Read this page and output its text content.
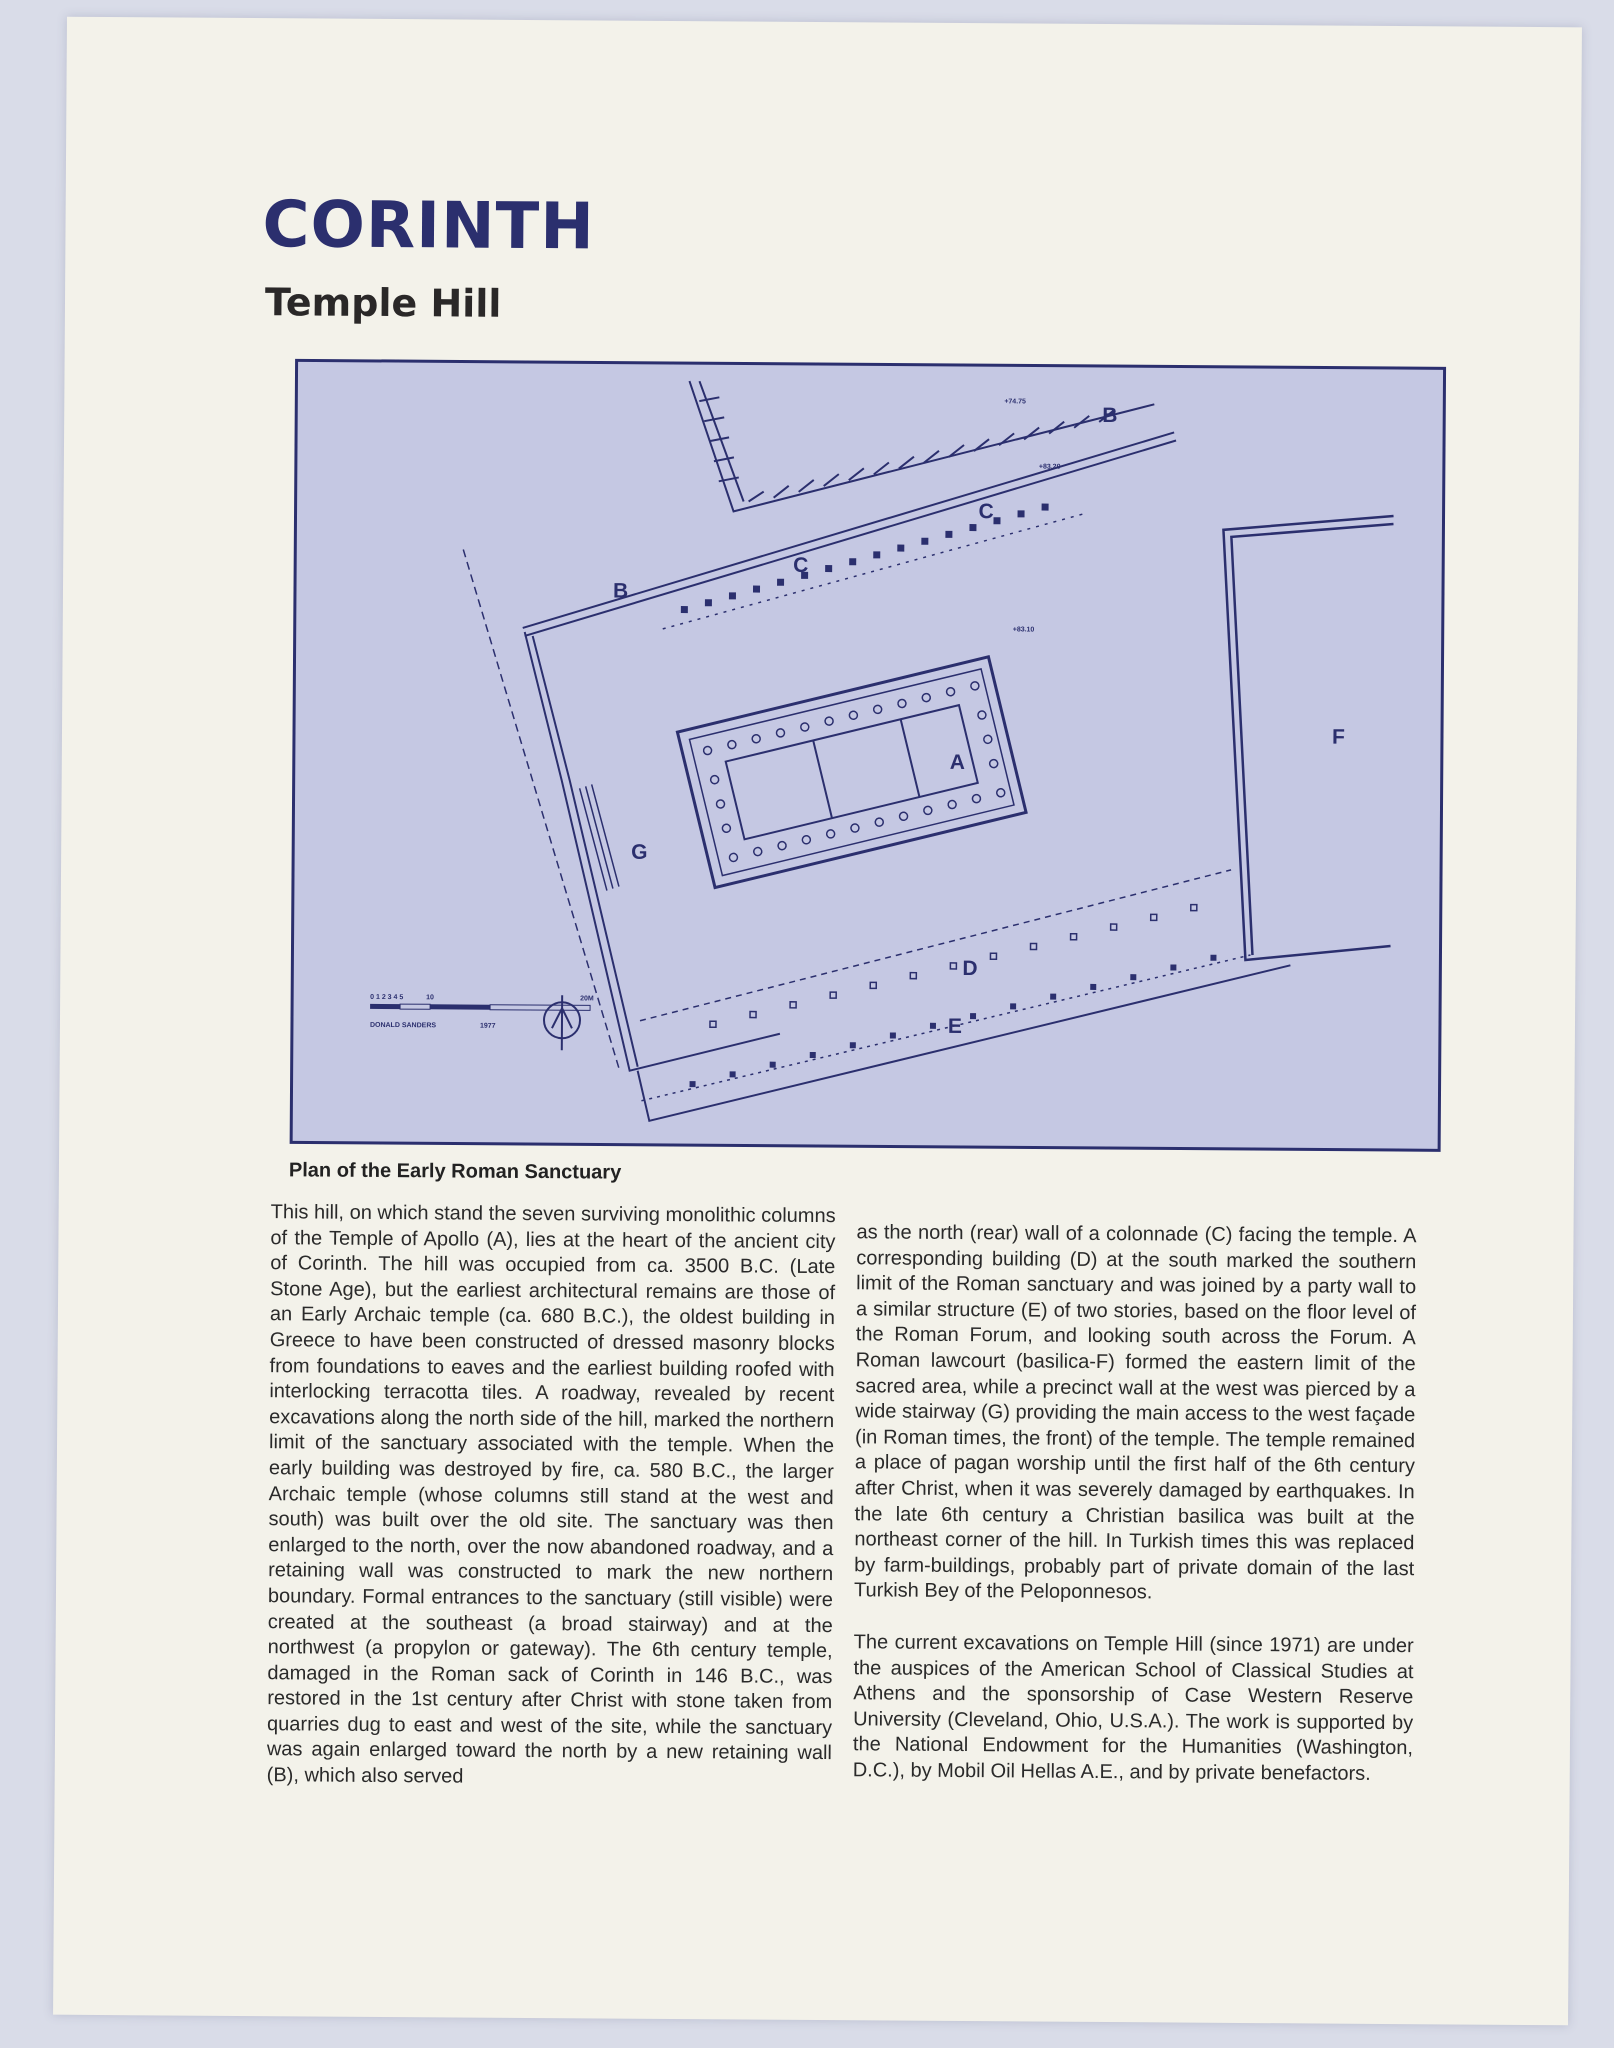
CORINTH
Temple Hill
A
B
B
C
C
D
E
F
G
+74.75
+83.20
+83.10
0 1 2 3 4 5	10	20M
DONALD SANDERS	1977

Plan of the Early Roman Sanctuary

This hill, on which stand the seven surviving monolithic columns of the Temple of Apollo (A), lies at the heart of the ancient city of Corinth. The hill was occupied from ca. 3500 B.C. (Late Stone Age), but the earliest architectural remains are those of an Early Archaic temple (ca. 680 B.C.), the oldest building in Greece to have been constructed of dressed masonry blocks from foundations to eaves and the earliest building roofed with interlocking terracotta tiles. A roadway, revealed by recent excavations along the north side of the hill, marked the northern limit of the sanctuary associated with the temple. When the early building was destroyed by fire, ca. 580 B.C., the larger Archaic temple (whose columns still stand at the west and south) was built over the old site. The sanctuary was then enlarged to the north, over the now abandoned roadway, and a retaining wall was constructed to mark the new northern boundary. Formal entrances to the sanctuary (still visible) were created at the southeast (a broad stairway) and at the northwest (a propylon or gateway). The 6th century temple, damaged in the Roman sack of Corinth in 146 B.C., was restored in the 1st century after Christ with stone taken from quarries dug to east and west of the site, while the sanctuary was again enlarged toward the north by a new retaining wall (B), which also served

as the north (rear) wall of a colonnade (C) facing the temple. A corresponding building (D) at the south marked the southern limit of the Roman sanctuary and was joined by a party wall to a similar structure (E) of two stories, based on the floor level of the Roman Forum, and looking south across the Forum. A Roman lawcourt (basilica-F) formed the eastern limit of the sacred area, while a precinct wall at the west was pierced by a wide stairway (G) providing the main access to the west façade (in Roman times, the front) of the temple. The temple remained a place of pagan worship until the first half of the 6th century after Christ, when it was severely damaged by earthquakes. In the late 6th century a Christian basilica was built at the northeast corner of the hill. In Turkish times this was replaced by farm-buildings, probably part of private domain of the last Turkish Bey of the Peloponnesos.

The current excavations on Temple Hill (since 1971) are under the auspices of the American School of Classical Studies at Athens and the sponsorship of Case Western Reserve University (Cleveland, Ohio, U.S.A.). The work is supported by the National Endowment for the Humanities (Washington, D.C.), by Mobil Oil Hellas A.E., and by private benefactors.
